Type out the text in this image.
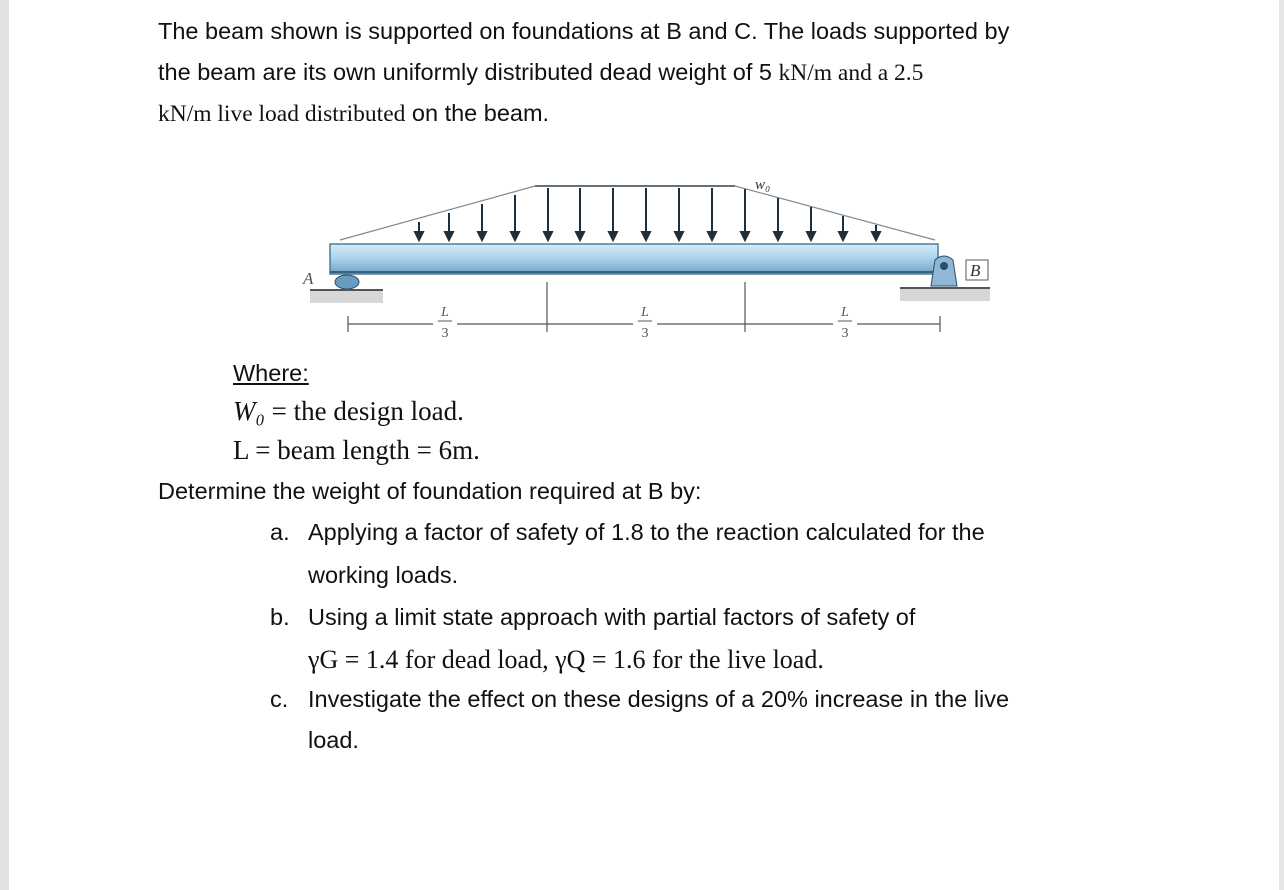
The beam shown is supported on foundations at B and C. The loads supported by
the beam are its own uniformly distributed dead weight of 5 kN/m and a 2.5
kN/m live load distributed on the beam.
w₀
A	B
L
3
L
3
L
3
Where:
W₀ = the design load.
L = beam length = 6m.
Determine the weight of foundation required at B by:
a. Applying a factor of safety of 1.8 to the reaction calculated for the
working loads.
b. Using a limit state approach with partial factors of safety of
γG = 1.4 for dead load, γQ = 1.6 for the live load.
c. Investigate the effect on these designs of a 20% increase in the live
load.
